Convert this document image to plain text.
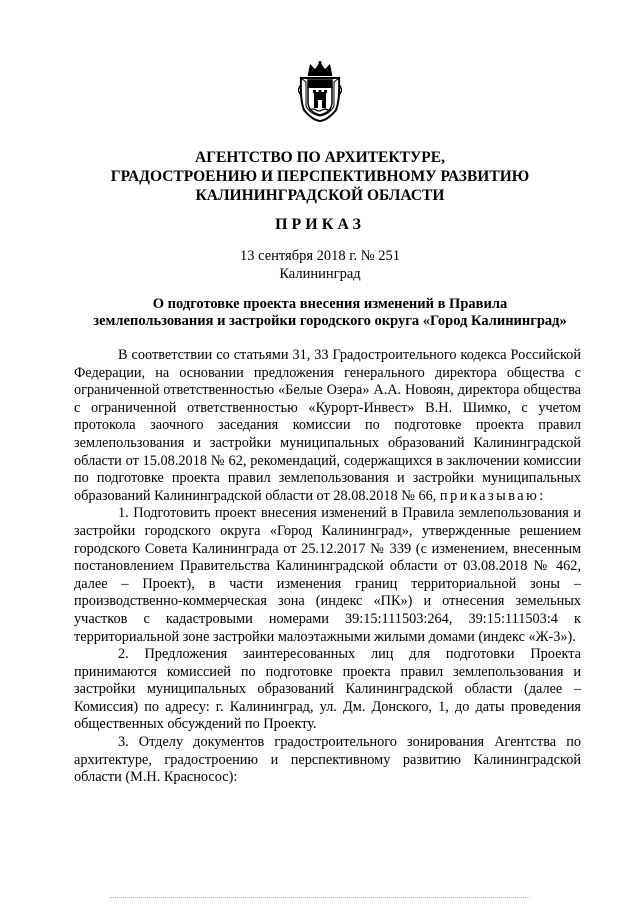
АГЕНТСТВО ПО АРХИТЕКТУРЕ,
ГРАДОСТРОЕНИЮ И ПЕРСПЕКТИВНОМУ РАЗВИТИЮ
КАЛИНИНГРАДСКОЙ ОБЛАСТИ
ПРИКАЗ
13 сентября 2018 г. № 251
Калининград
О подготовке проекта внесения изменений в Правила
землепользования и застройки городского округа «Город Калининград»

В соответствии со статьями 31, 33 Градостроительного кодекса Российской Федерации, на основании предложения генерального директора общества с ограниченной ответственностью «Белые Озера» А.А. Новоян, директора общества с ограниченной ответственностью «Курорт-Инвест» В.Н. Шимко, с учетом протокола заочного заседания комиссии по подготовке проекта правил землепользования и застройки муниципальных образований Калининградской области от 15.08.2018 № 62, рекомендаций, содержащихся в заключении комиссии по подготовке проекта правил землепользования и застройки муниципальных образований Калининградской области от 28.08.2018 № 66, приказываю:

1. Подготовить проект внесения изменений в Правила землепользования и застройки городского округа «Город Калининград», утвержденные решением городского Совета Калининграда от 25.12.2017 № 339 (с изменением, внесенным постановлением Правительства Калининградской области от 03.08.2018 № 462, далее – Проект), в части изменения границ территориальной зоны – производственно-коммерческая зона (индекс «ПК») и отнесения земельных участков с кадастровыми номерами 39:15:111503:264, 39:15:111503:4 к территориальной зоне застройки малоэтажными жилыми домами (индекс «Ж-3»).

2. Предложения заинтересованных лиц для подготовки Проекта принимаются комиссией по подготовке проекта правил землепользования и застройки муниципальных образований Калининградской области (далее – Комиссия) по адресу: г. Калининград, ул. Дм. Донского, 1, до даты проведения общественных обсуждений по Проекту.

3. Отделу документов градостроительного зонирования Агентства по архитектуре, градостроению и перспективному развитию Калининградской области (М.Н. Красносос):
